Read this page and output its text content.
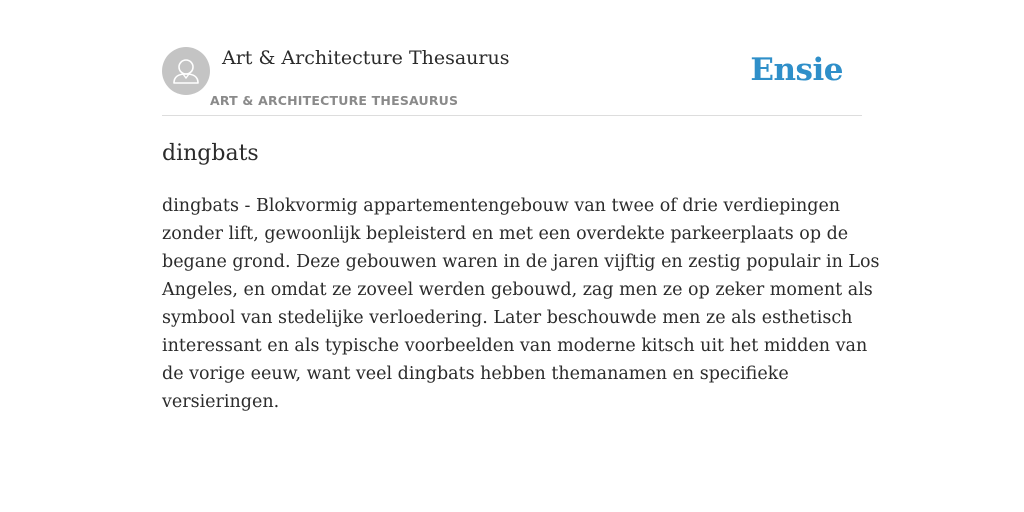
Art & Architecture Thesaurus
ART & ARCHITECTURE THESAURUS
Ensie
dingbats

dingbats - Blokvormig appartementengebouw van twee of drie verdiepingen
zonder lift, gewoonlijk bepleisterd en met een overdekte parkeerplaats op de
begane grond. Deze gebouwen waren in de jaren vijftig en zestig populair in Los
Angeles, en omdat ze zoveel werden gebouwd, zag men ze op zeker moment als
symbool van stedelijke verloedering. Later beschouwde men ze als esthetisch
interessant en als typische voorbeelden van moderne kitsch uit het midden van
de vorige eeuw, want veel dingbats hebben themanamen en specifieke
versieringen.
